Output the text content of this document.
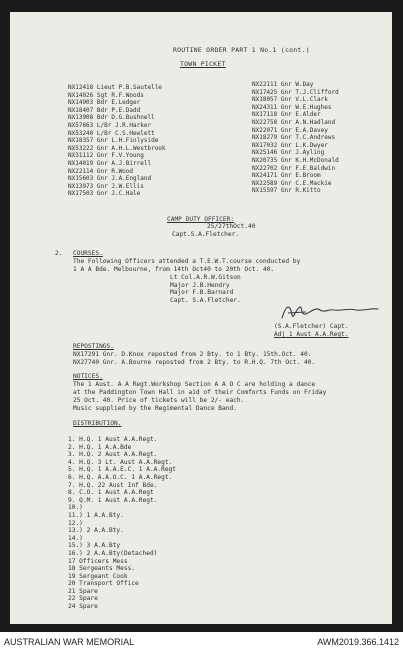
ROUTINE ORDER PART 1 No.1 (cont.)
TOWN PICKET
NX12418 Lieut P.B.Sautelle
NX14026 Sgt R.F.Woods
NX14903 Bdr E.Ledger
NX18407 Bdr P.E.Dadd
NX13908 Bdr D.G.Bushnell
NX57663 L/Br J.R.Harker
NX53240 L/Br C.S.Hewlett
NX18357 Gnr L.H.Finlyside
NX53222 Gnr A.H.L.Westbrook
NX31112 Gnr F.V.Young
NX14019 Gnr A.J.Birrell
NX22114 Gnr R.Wood
NX15603 Gnr J.A.England
NX13973 Gnr J.W.Ellis
NX17503 Gnr J.C.Hale
NX22111 Gnr W.Day
NX17425 Gnr T.J.Clifford
NX18057 Gnr V.L.Clark
NX24311 Gnr W.E.Hughes
NX17118 Gnr E.Alder
NX22758 Gnr A.N.Hadland
NX22071 Gnr E.A.Davey
NX18279 Gnr T.C.Andrews
NX17032 Gnr L.K.Dwyer
NX25146 Gnr J.Ayling
NX20735 Gnr K.H.McDonald
NX22702 Gnr F.E.Baldwin
NX24171 Gnr E.Broom
NX22589 Gnr C.E.Mackie
NX15597 Gnr R.Kitto
CAMP DUTY OFFICER:
25/27thOct.40
Capt.S.A.Fletcher.
2. COURSES.
The Following Officers attended a T.E.W.T.course conducted by
1 A A Bde. Melbourne, from 14th Oct40 to 20th Oct. 40.
Lt Col.A.R.W.Gitson
Major J.B.Hendry
Major F.B.Barnard
Capt. S.A.Fletcher.
(S.A.Fletcher) Capt.
Adj 1 Aust A.A.Regt.
REPOSTINGS.
NX17291 Gnr. D.Knox reposted from 2 Bty. to 1 Bty. 15th.Oct. 40.
NX27740 Gnr. A.Bourne reposted from 2 Bty. to R.H.Q. 7th Oct. 40.
NOTICES.
The 1 Aust. A A Regt.Workshop Section A A O C are holding a dance
at the Paddington Town Hall in aid of their Comforts Funds on Friday
25 Oct. 40. Price of tickets will be 2/- each.
Music supplied by the Regimental Dance Band.
DISTRIBUTION.
1. H.Q. 1 Aust A.A.Regt.
2. H.Q. 1 A.A.Bde
3. H.Q. 2 Aust A.A.Regt.
4. H.Q. 3 Lt. Aust A.A.Regt.
5. H.Q. 1 A.A.E.C. 1 A.A.Regt
6. H.Q. A.A.O.C. 1 A.A.Regt.
7. H.Q. 22 Aust Inf Bde.
8. C.O. 1 Aust A.A.Regt
9. Q.M. 1 Aust A.A.Regt.
10.)
11.) 1 A.A.Bty.
12.)
13.) 2 A.A.Bty.
14.)
15.) 3 A.A.Bty
16.) 2 A.A.Bty(Detached)
17 Officers Mess
18 Sergeants Mess.
19 Sergeant Cook
20 Transport Office
21 Spare
22 Spare
24 Spare
AUSTRALIAN WAR MEMORIAL	AWM2019.366.1412
